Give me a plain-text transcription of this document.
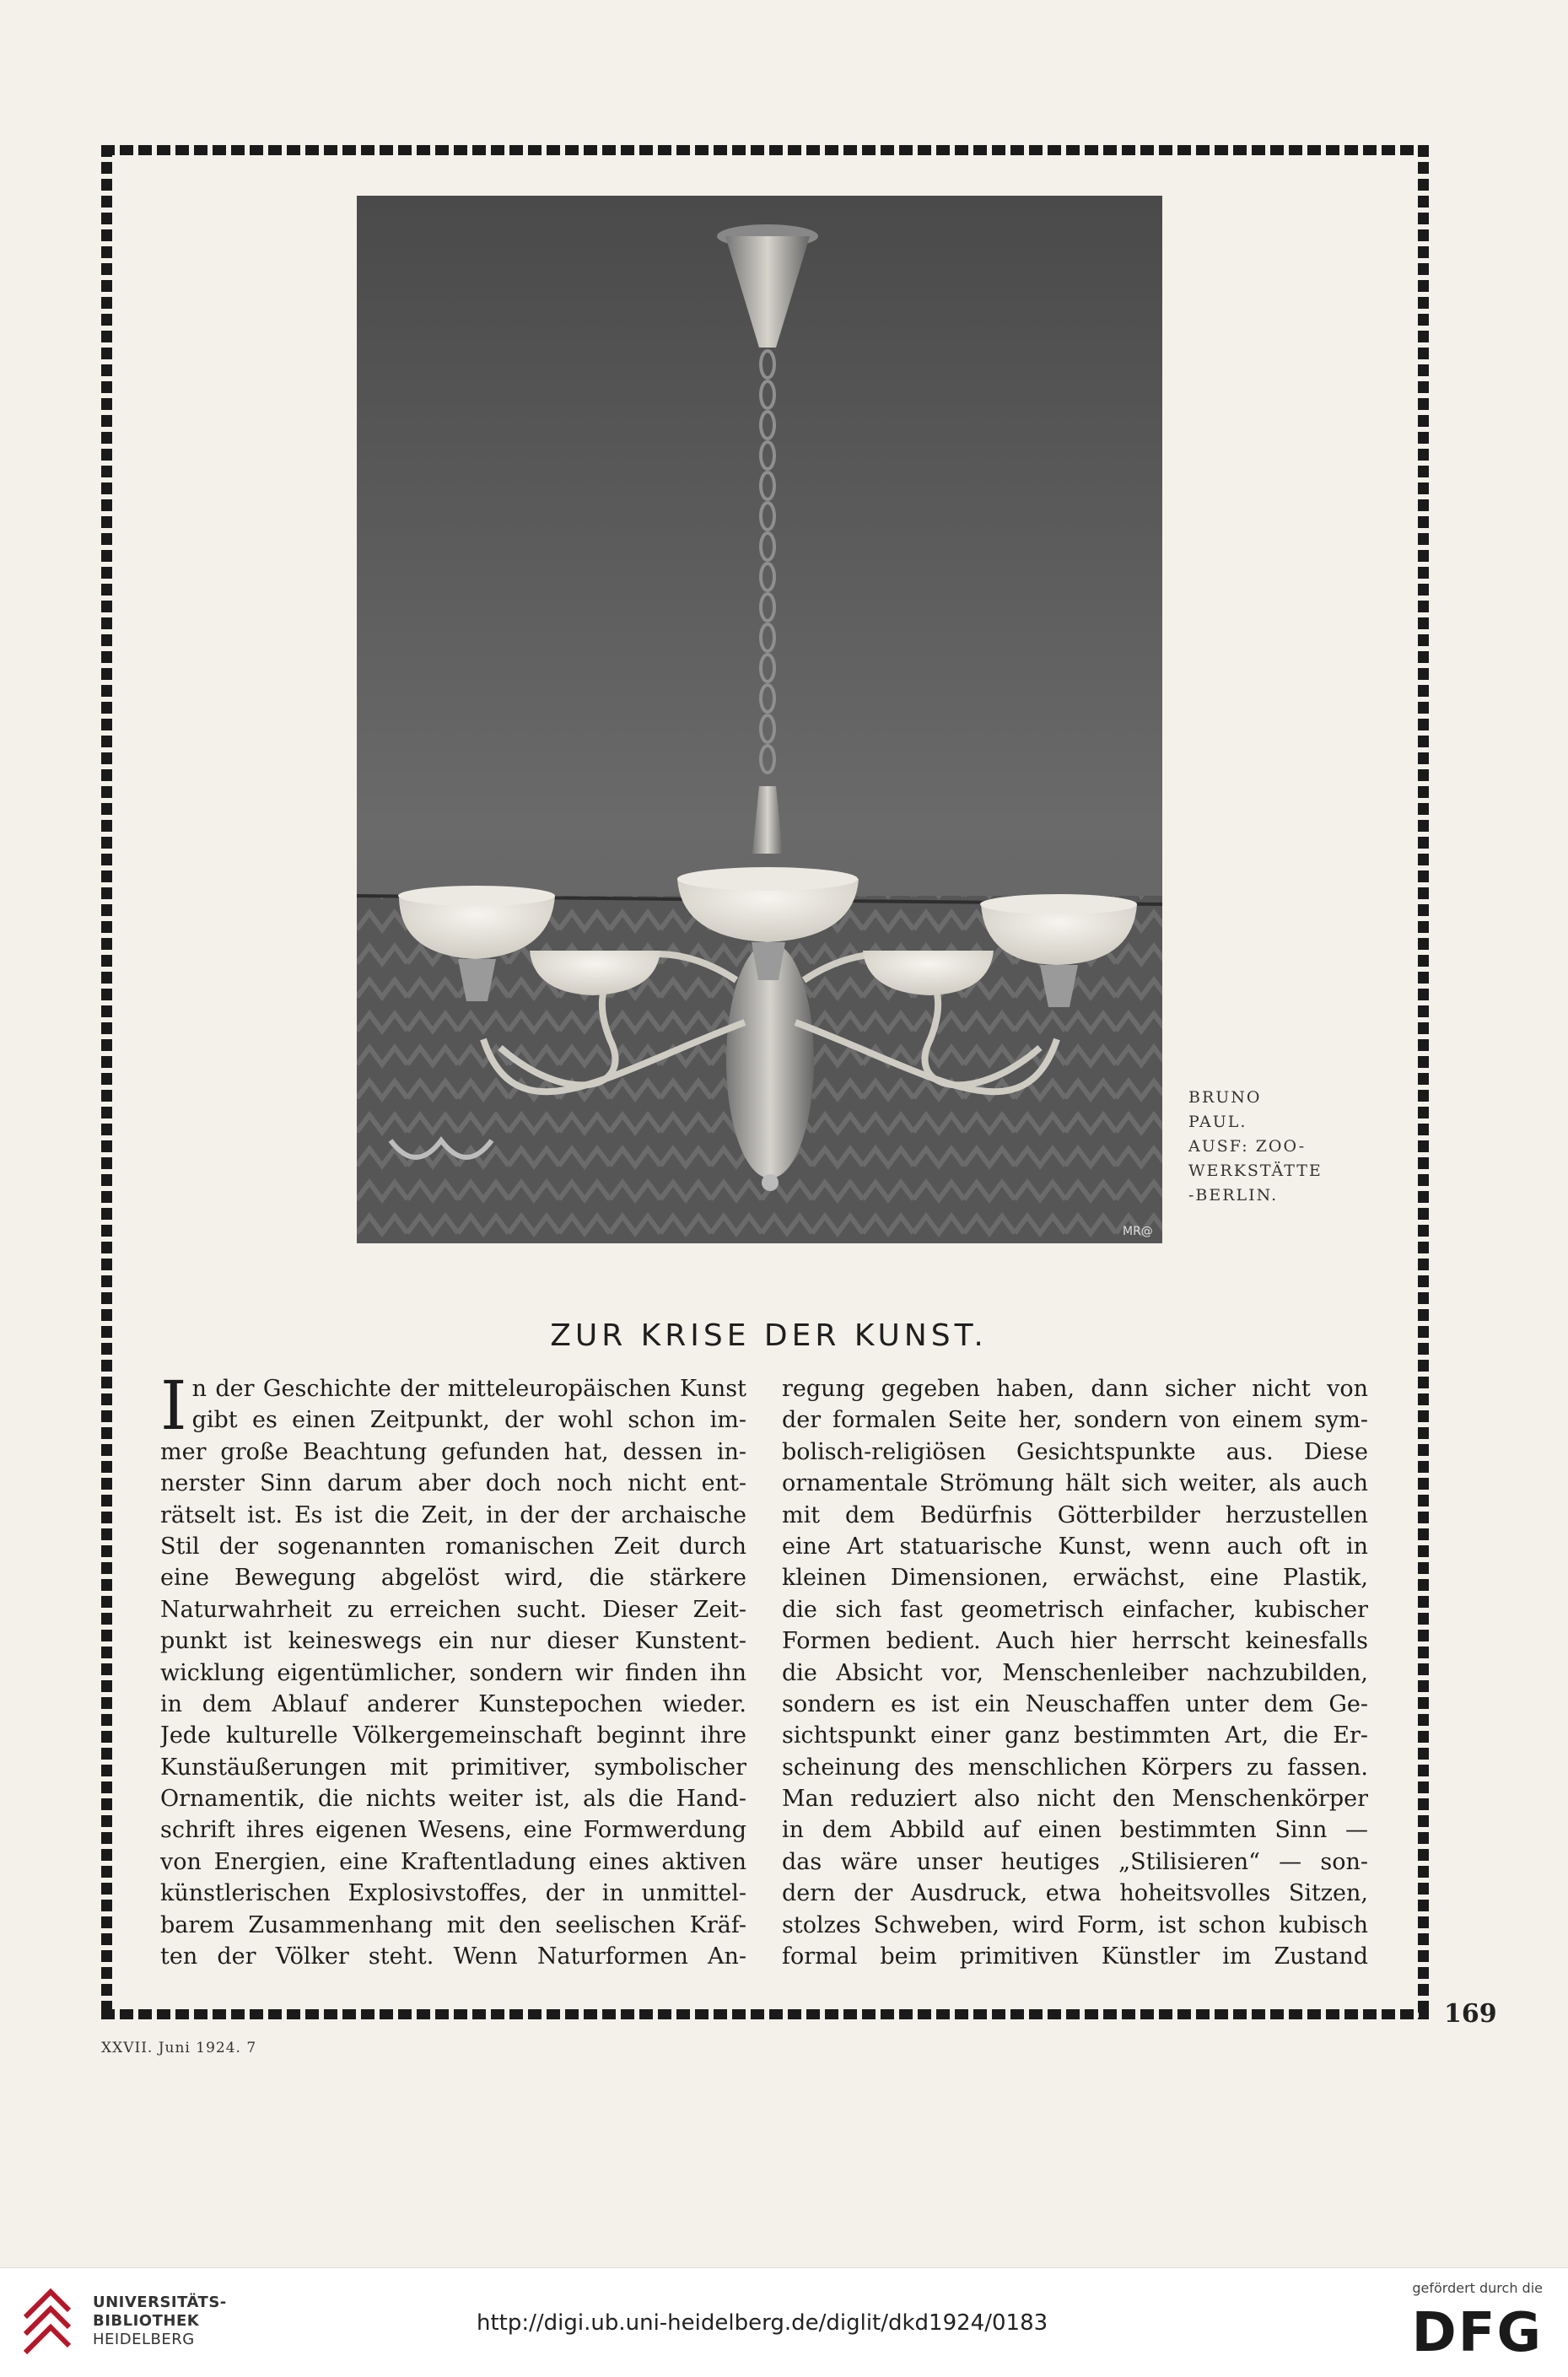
MR@
BRUNO
PAUL.
AUSF: ZOO-
WERKSTÄTTE
-BERLIN.
ZUR KRISE DER KUNST.
I n der Geschichte der mitteleuropäischen Kunst
gibt es einen Zeitpunkt, der wohl schon im-
mer große Beachtung gefunden hat, dessen in-
nerster Sinn darum aber doch noch nicht ent-
rätselt ist. Es ist die Zeit, in der der archaische
Stil der sogenannten romanischen Zeit durch
eine Bewegung abgelöst wird, die stärkere
Naturwahrheit zu erreichen sucht. Dieser Zeit-
punkt ist keineswegs ein nur dieser Kunstent-
wicklung eigentümlicher, sondern wir finden ihn
in dem Ablauf anderer Kunstepochen wieder.
Jede kulturelle Völkergemeinschaft beginnt ihre
Kunstäußerungen mit primitiver, symbolischer
Ornamentik, die nichts weiter ist, als die Hand-
schrift ihres eigenen Wesens, eine Formwerdung
von Energien, eine Kraftentladung eines aktiven
künstlerischen Explosivstoffes, der in unmittel-
barem Zusammenhang mit den seelischen Kräf-
ten der Völker steht. Wenn Naturformen An-
regung gegeben haben, dann sicher nicht von
der formalen Seite her, sondern von einem sym-
bolisch-religiösen Gesichtspunkte aus. Diese
ornamentale Strömung hält sich weiter, als auch
mit dem Bedürfnis Götterbilder herzustellen
eine Art statuarische Kunst, wenn auch oft in
kleinen Dimensionen, erwächst, eine Plastik,
die sich fast geometrisch einfacher, kubischer
Formen bedient. Auch hier herrscht keinesfalls
die Absicht vor, Menschenleiber nachzubilden,
sondern es ist ein Neuschaffen unter dem Ge-
sichtspunkt einer ganz bestimmten Art, die Er-
scheinung des menschlichen Körpers zu fassen.
Man reduziert also nicht den Menschenkörper
in dem Abbild auf einen bestimmten Sinn —
das wäre unser heutiges „Stilisieren“ — son-
dern der Ausdruck, etwa hoheitsvolles Sitzen,
stolzes Schweben, wird Form, ist schon kubisch
formal beim primitiven Künstler im Zustand
169
XXVII. Juni 1924. 7
UNIVERSITÄTS-
BIBLIOTHEK
HEIDELBERG
http://digi.ub.uni-heidelberg.de/diglit/dkd1924/0183
gefördert durch die
DFG
